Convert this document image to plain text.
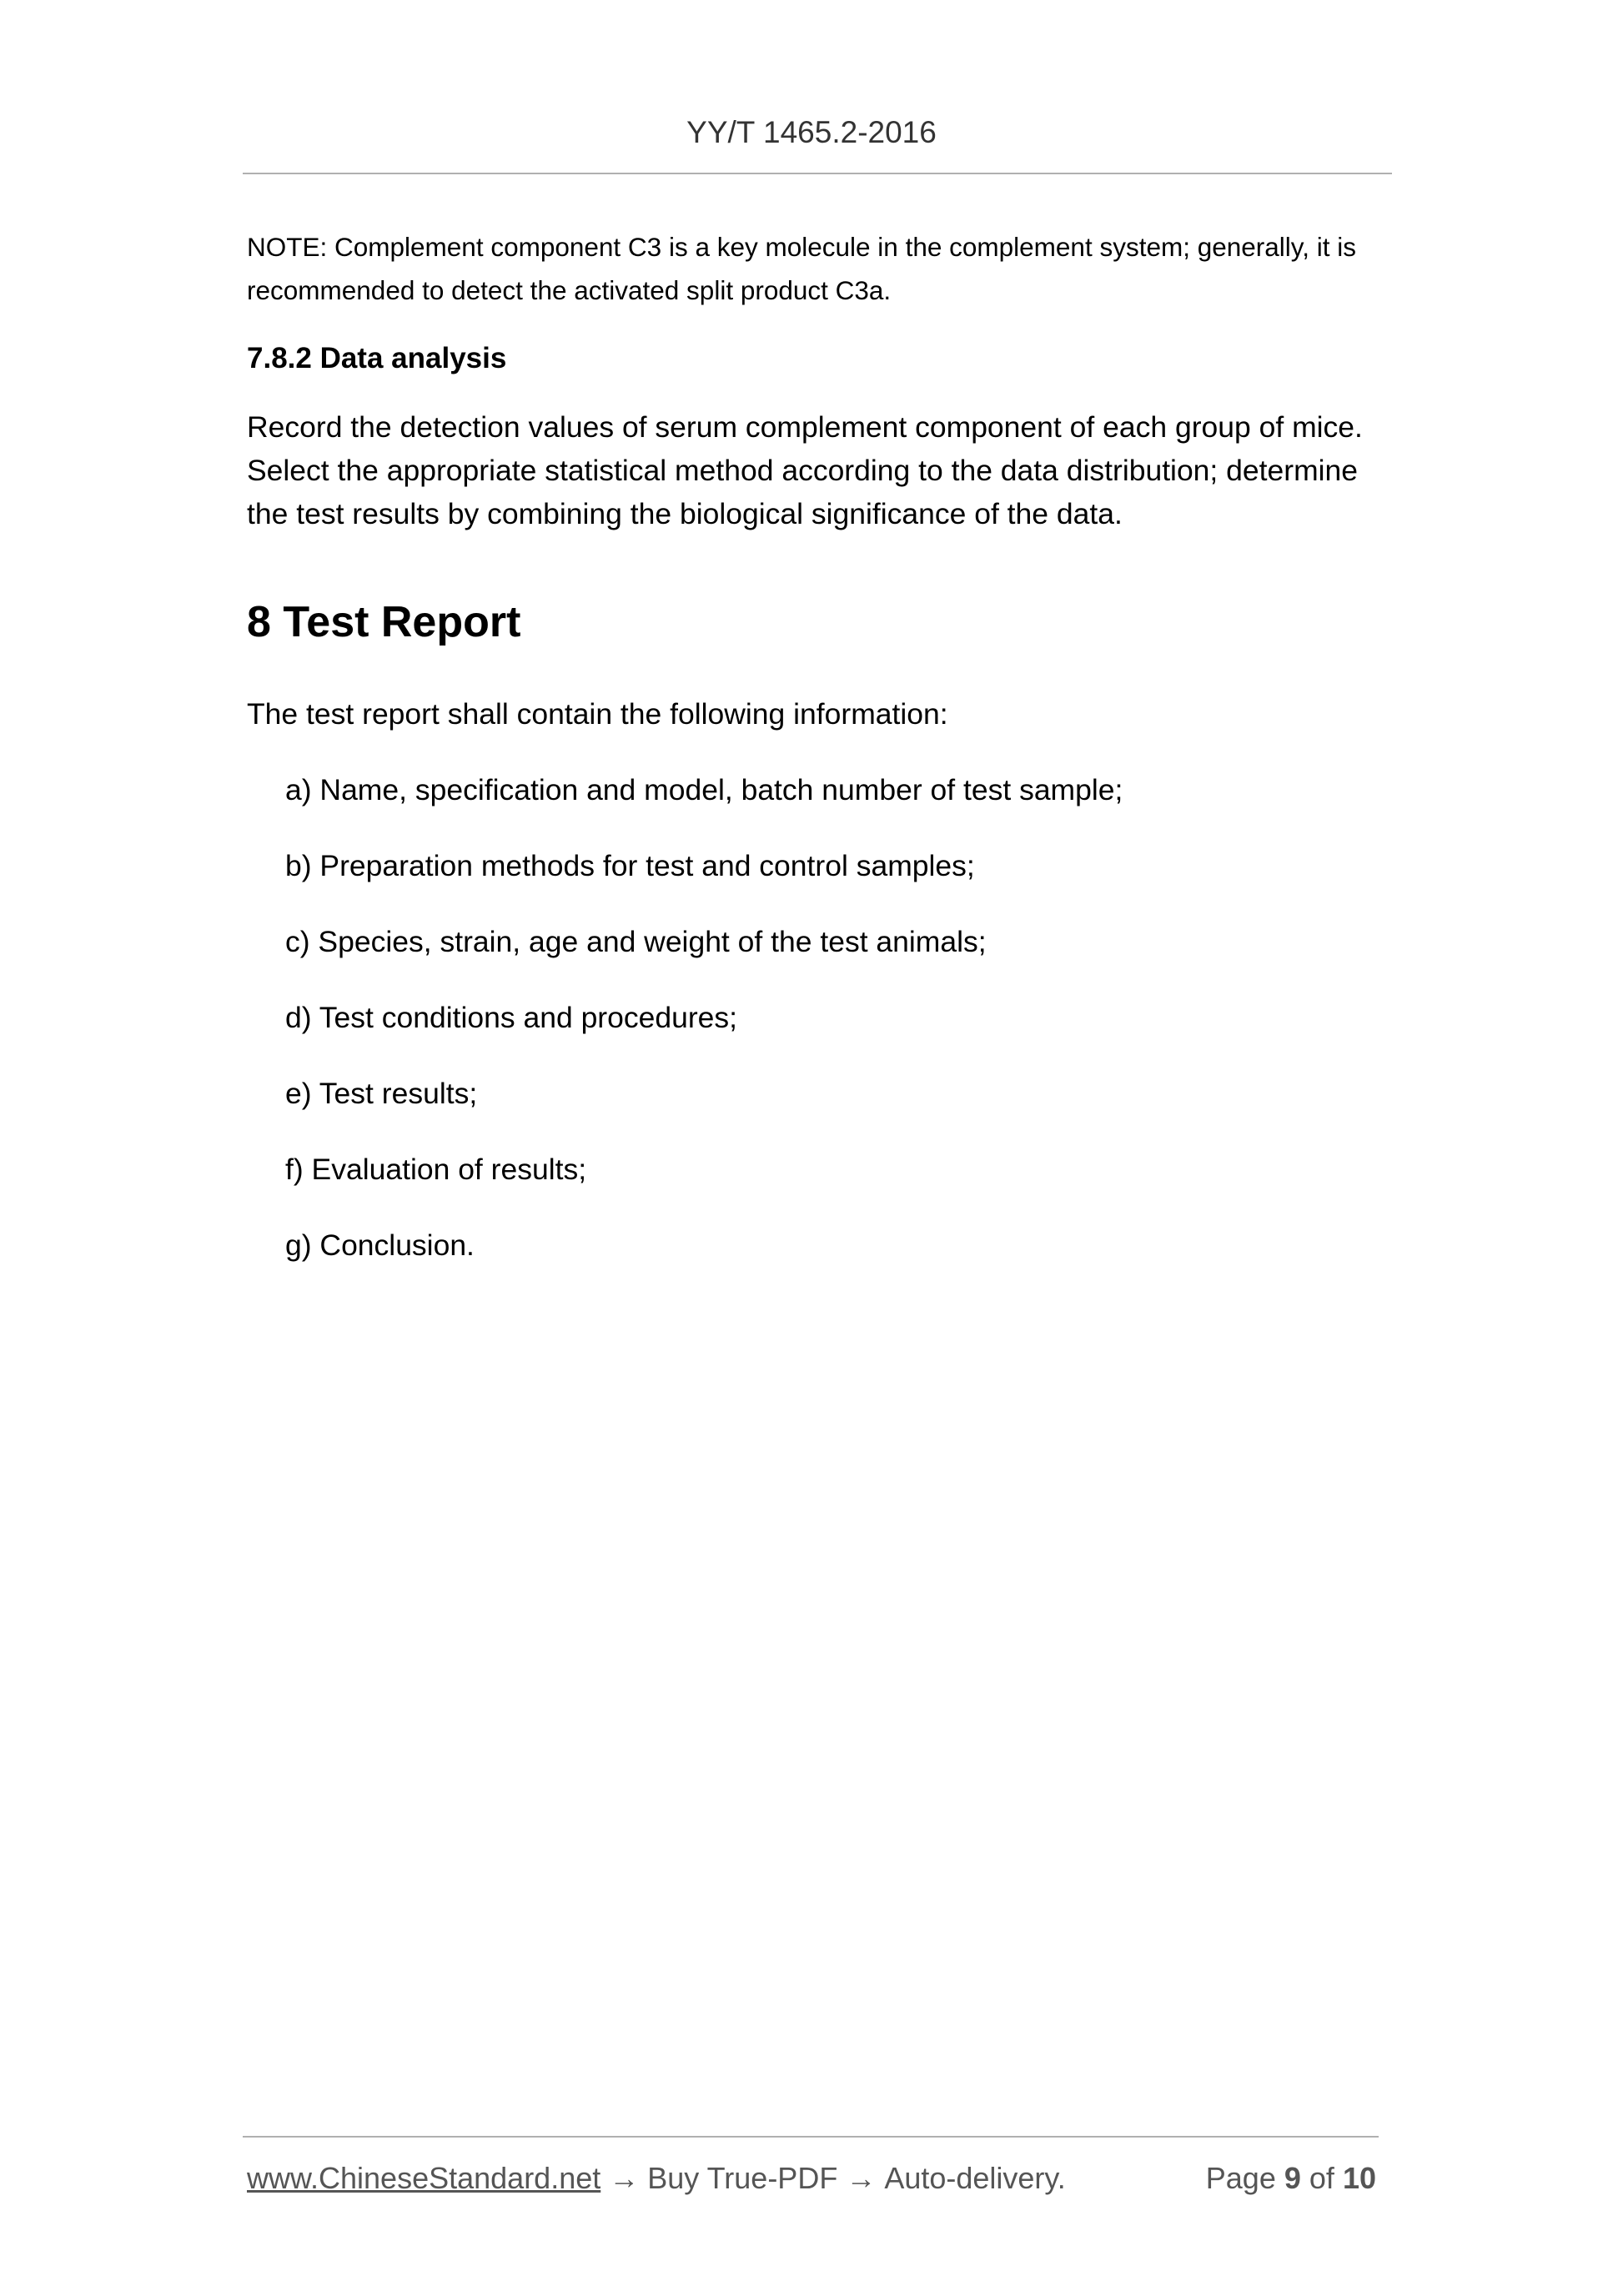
YY/T 1465.2-2016

NOTE: Complement component C3 is a key molecule in the complement system; generally, it is recommended to detect the activated split product C3a.

7.8.2 Data analysis

Record the detection values of serum complement component of each group of mice. Select the appropriate statistical method according to the data distribution; determine the test results by combining the biological significance of the data.

8 Test Report

The test report shall contain the following information:

a) Name, specification and model, batch number of test sample;
b) Preparation methods for test and control samples;
c) Species, strain, age and weight of the test animals;
d) Test conditions and procedures;
e) Test results;
f) Evaluation of results;
g) Conclusion.
www.ChineseStandard.net → Buy True-PDF → Auto-delivery.	Page 9 of 10
